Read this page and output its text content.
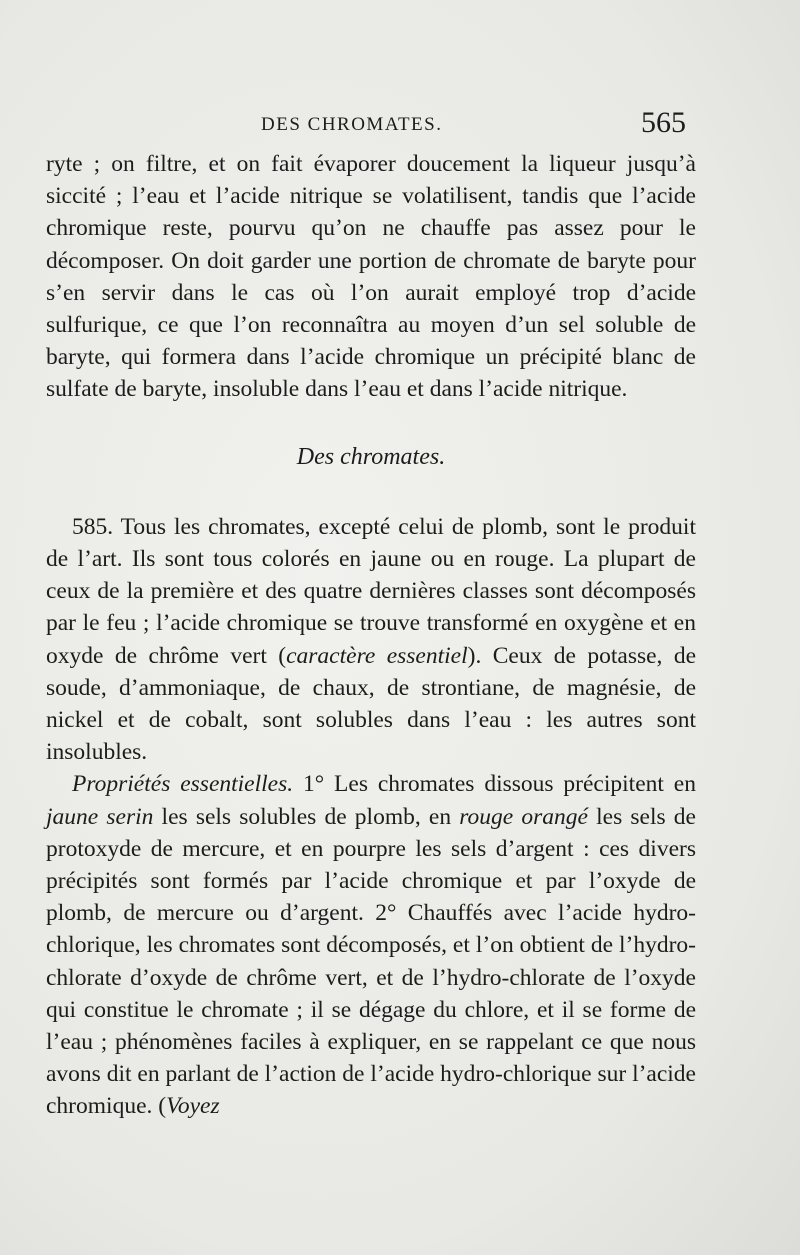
DES CHROMATES.	565

ryte ; on filtre, et on fait évaporer doucement la liqueur jusqu’à siccité ; l’eau et l’acide nitrique se volatilisent, tandis que l’acide chromique reste, pourvu qu’on ne chauffe pas assez pour le décomposer. On doit garder une portion de chromate de baryte pour s’en servir dans le cas où l’on aurait employé trop d’acide sulfurique, ce que l’on reconnaîtra au moyen d’un sel soluble de baryte, qui formera dans l’acide chromique un précipité blanc de sulfate de baryte, insoluble dans l’eau et dans l’acide nitrique.

Des chromates.

585. Tous les chromates, excepté celui de plomb, sont le produit de l’art. Ils sont tous colorés en jaune ou en rouge. La plupart de ceux de la première et des quatre dernières classes sont décomposés par le feu ; l’acide chromique se trouve transformé en oxygène et en oxyde de chrôme vert (caractère essentiel). Ceux de potasse, de soude, d’ammoniaque, de chaux, de strontiane, de magnésie, de nickel et de cobalt, sont solubles dans l’eau : les autres sont insolubles.

Propriétés essentielles. 1° Les chromates dissous précipitent en jaune serin les sels solubles de plomb, en rouge orangé les sels de protoxyde de mercure, et en pourpre les sels d’argent : ces divers précipités sont formés par l’acide chromique et par l’oxyde de plomb, de mercure ou d’argent. 2° Chauffés avec l’acide hydro-chlorique, les chromates sont décomposés, et l’on obtient de l’hydro-chlorate d’oxyde de chrôme vert, et de l’hydro-chlorate de l’oxyde qui constitue le chromate ; il se dégage du chlore, et il se forme de l’eau ; phénomènes faciles à expliquer, en se rappelant ce que nous avons dit en parlant de l’action de l’acide hydro-chlorique sur l’acide chromique. (Voyez
